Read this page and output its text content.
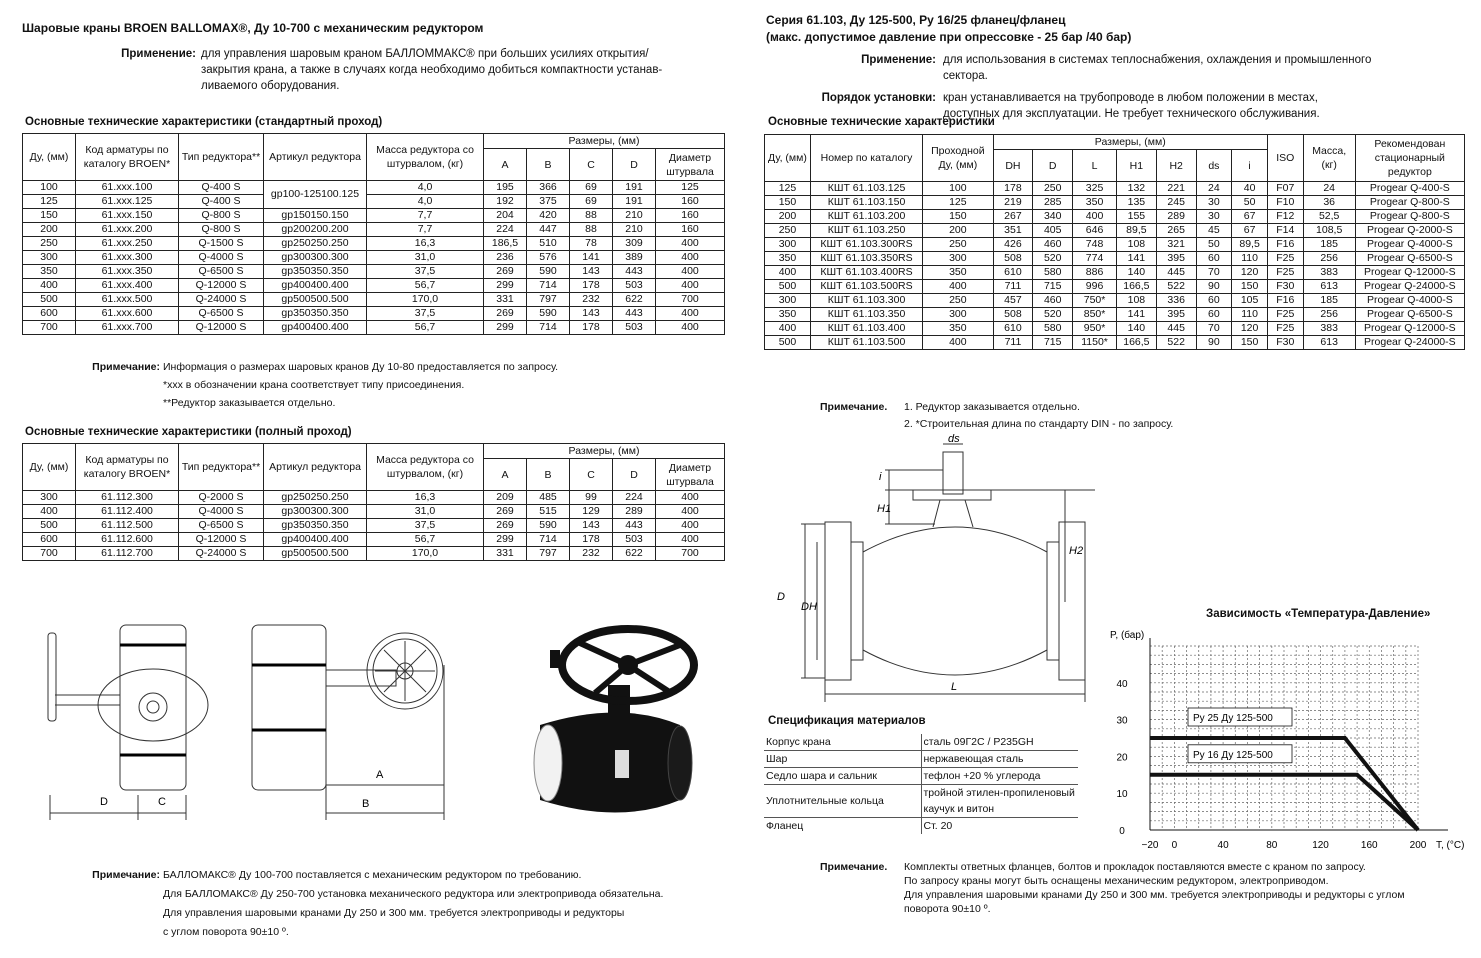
Шаровые краны BROEN BALLOMAX®, Ду 10-700 с механическим редуктором
Применение: для управления шаровым краном БАЛЛОММАКС® при больших усилиях открытия/
закрытия крана, а также в случаях когда необходимо добиться компактности устанав-
ливаемого оборудования.
Основные технические характеристики (стандартный проход)
Ду, (мм)	Код арматуры по каталогу BROEN*	Тип редуктора**	Артикул редуктора	Масса редуктора со штурвалом, (кг)	Размеры, (мм)				
					A	B	C	D	Диаметр штурвала
100	61.xxx.100	Q-400 S	gp100-125100.125	4,0	195	366	69	191	125
125	61.xxx.125	Q-400 S		4,0	192	375	69	191	160
150	61.xxx.150	Q-800 S	gp150150.150	7,7	204	420	88	210	160
200	61.xxx.200	Q-800 S	gp200200.200	7,7	224	447	88	210	160
250	61.xxx.250	Q-1500 S	gp250250.250	16,3	186,5	510	78	309	400
300	61.xxx.300	Q-4000 S	gp300300.300	31,0	236	576	141	389	400
350	61.xxx.350	Q-6500 S	gp350350.350	37,5	269	590	143	443	400
400	61.xxx.400	Q-12000 S	gp400400.400	56,7	299	714	178	503	400
500	61.xxx.500	Q-24000 S	gp500500.500	170,0	331	797	232	622	700
600	61.xxx.600	Q-6500 S	gp350350.350	37,5	269	590	143	443	400
700	61.xxx.700	Q-12000 S	gp400400.400	56,7	299	714	178	503	400
Примечание: Информация о размерах шаровых кранов Ду 10-80 предоставляется по запросу.
*xxx в обозначении крана соответствует типу присоединения.
**Редуктор заказывается отдельно.
Основные технические характеристики (полный проход)
Ду, (мм)	Код арматуры по каталогу BROEN*	Тип редуктора**	Артикул редуктора	Масса редуктора со штурвалом, (кг)	Размеры, (мм)				
					A	B	C	D	Диаметр штурвала
300	61.112.300	Q-2000 S	gp250250.250	16,3	209	485	99	224	400
400	61.112.400	Q-4000 S	gp300300.300	31,0	269	515	129	289	400
500	61.112.500	Q-6500 S	gp350350.350	37,5	269	590	143	443	400
600	61.112.600	Q-12000 S	gp400400.400	56,7	299	714	178	503	400
700	61.112.700	Q-24000 S	gp500500.500	170,0	331	797	232	622	700
D	C
A
B
Примечание: БАЛЛОМАКС® Ду 100-700 поставляется с механическим редуктором по требованию.
Для БАЛЛОМАКС® Ду 250-700 установка механического редуктора или электропривода обязательна.
Для управления шаровыми кранами Ду 250 и 300 мм. требуется электроприводы и редукторы
с углом поворота 90±10 º.
Серия 61.103, Ду 125-500, Ру 16/25 фланец/фланец
(макс. допустимое давление при опрессовке - 25 бар /40 бар)
Применение: для использования в системах теплоснабжения, охлаждения и промышленного
сектора.
Порядок установки: кран устанавливается на трубопроводе в любом положении в местах,
доступных для эксплуатации. Не требует технического обслуживания.
Основные технические характеристики
Ду, (мм)	Номер по каталогу	Проходной Ду, (мм)	Размеры, (мм)							ISO	Масса, (кг)	Рекомендован стационарный редуктор
			DH	D	L	H1	H2	ds	i			
125	КШТ 61.103.125	100	178	250	325	132	221	24	40	F07	24	Progear Q-400-S
150	КШТ 61.103.150	125	219	285	350	135	245	30	50	F10	36	Progear Q-800-S
200	КШТ 61.103.200	150	267	340	400	155	289	30	67	F12	52,5	Progear Q-800-S
250	КШТ 61.103.250	200	351	405	646	89,5	265	45	67	F14	108,5	Progear Q-2000-S
300	КШТ 61.103.300RS	250	426	460	748	108	321	50	89,5	F16	185	Progear Q-4000-S
350	КШТ 61.103.350RS	300	508	520	774	141	395	60	110	F25	256	Progear Q-6500-S
400	КШТ 61.103.400RS	350	610	580	886	140	445	70	120	F25	383	Progear Q-12000-S
500	КШТ 61.103.500RS	400	711	715	996	166,5	522	90	150	F30	613	Progear Q-24000-S
300	КШТ 61.103.300	250	457	460	750*	108	336	60	105	F16	185	Progear Q-4000-S
350	КШТ 61.103.350	300	508	520	850*	141	395	60	110	F25	256	Progear Q-6500-S
400	КШТ 61.103.400	350	610	580	950*	140	445	70	120	F25	383	Progear Q-12000-S
500	КШТ 61.103.500	400	711	715	1150*	166,5	522	90	150	F30	613	Progear Q-24000-S
Примечание. 1. Редуктор заказывается отдельно.
2. *Строительная длина по стандарту DIN - по запросу.
ds
i
H1
H2
D
DH
L
Спецификация материалов
Корпус крана	сталь 09Г2С / P235GH
Шар	нержавеющая сталь
Седло шара и сальник	тефлон +20 % углерода
Уплотнительные кольца	тройной этилен-пропиленовый каучук и витон
Фланец	Ст. 20
Примечание. Комплекты ответных фланцев, болтов и прокладок поставляются вместе с краном по запросу.
По запросу краны могут быть оснащены механическим редуктором, электроприводом.
Для управления шаровыми кранами Ду 250 и 300 мм. требуется электроприводы и редукторы с углом
поворота 90±10 º.
Зависимость «Температура-Давление»
−20 0	40	80	120	160	200
0
10
20
30
40
P, (бар)
T, (°C)
Ру 25 Ду 125-500
Ру 16 Ду 125-500
